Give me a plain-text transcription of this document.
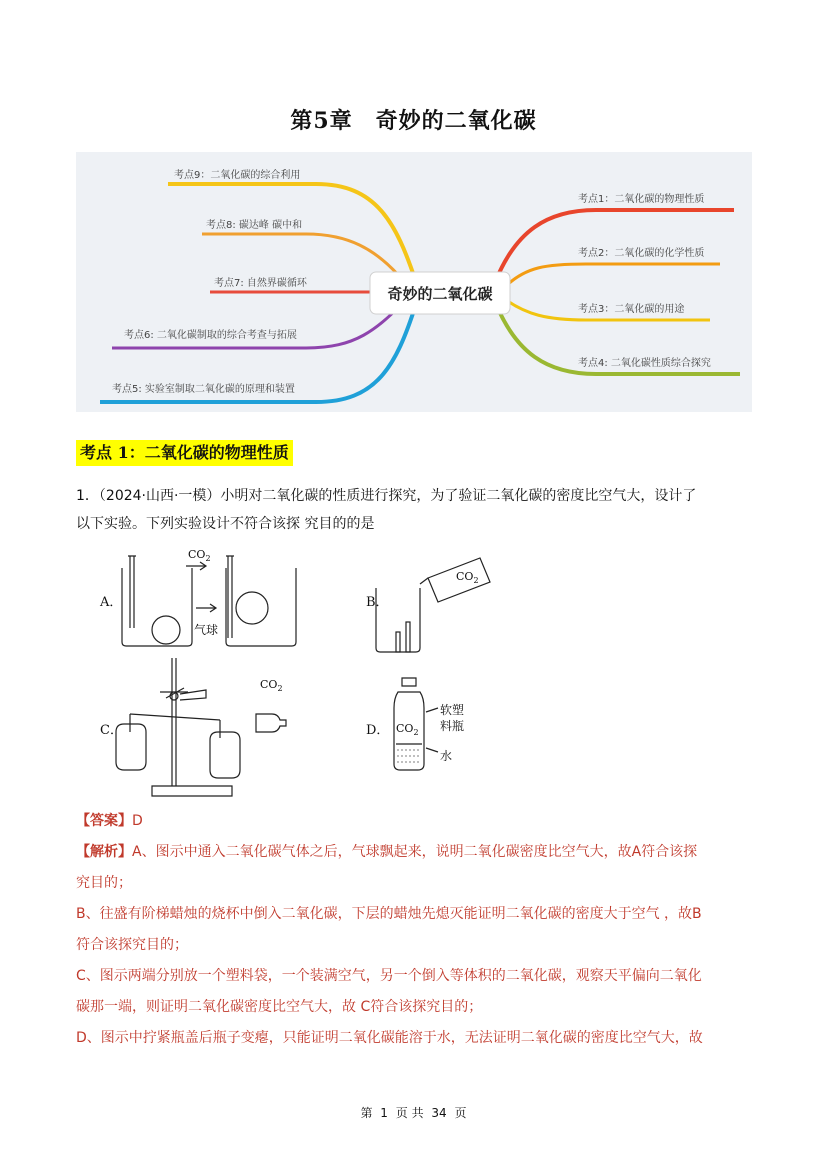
第5章　奇妙的二氧化碳
奇妙的二氧化碳
考点9：二氧化碳的综合利用
考点8: 碳达峰 碳中和
考点7: 自然界碳循环
考点6: 二氧化碳制取的综合考查与拓展
考点5: 实验室制取二氧化碳的原理和装置
考点1：二氧化碳的物理性质
考点2：二氧化碳的化学性质
考点3：二氧化碳的用途
考点4: 二氧化碳性质综合探究
考点 1：二氧化碳的物理性质

1．（2024·山西·一模）小明对二氧化碳的性质进行探究，为了验证二氧化碳的密度比空气大，设计了

以下实验。下列实验设计不符合该探 究目的的是

A．	B．
C．	D．
$CO_2$
$CO_2$
$CO_2$
$CO_2$
气球
软塑
料瓶
水

【答案】D

【解析】A、图示中通入二氧化碳气体之后，气球飘起来，说明二氧化碳密度比空气大，故A符合该探

究目的；

B、往盛有阶梯蜡烛的烧杯中倒入二氧化碳，下层的蜡烛先熄灭能证明二氧化碳的密度大于空气 ，故B

符合该探究目的；

C、图示两端分别放一个塑料袋，一个装满空气，另一个倒入等体积的二氧化碳，观察天平偏向二氧化

碳那一端，则证明二氧化碳密度比空气大，故 C符合该探究目的；

D、图示中拧紧瓶盖后瓶子变瘪，只能证明二氧化碳能溶于水，无法证明二氧化碳的密度比空气大，故

第 1 页 共 34 页
